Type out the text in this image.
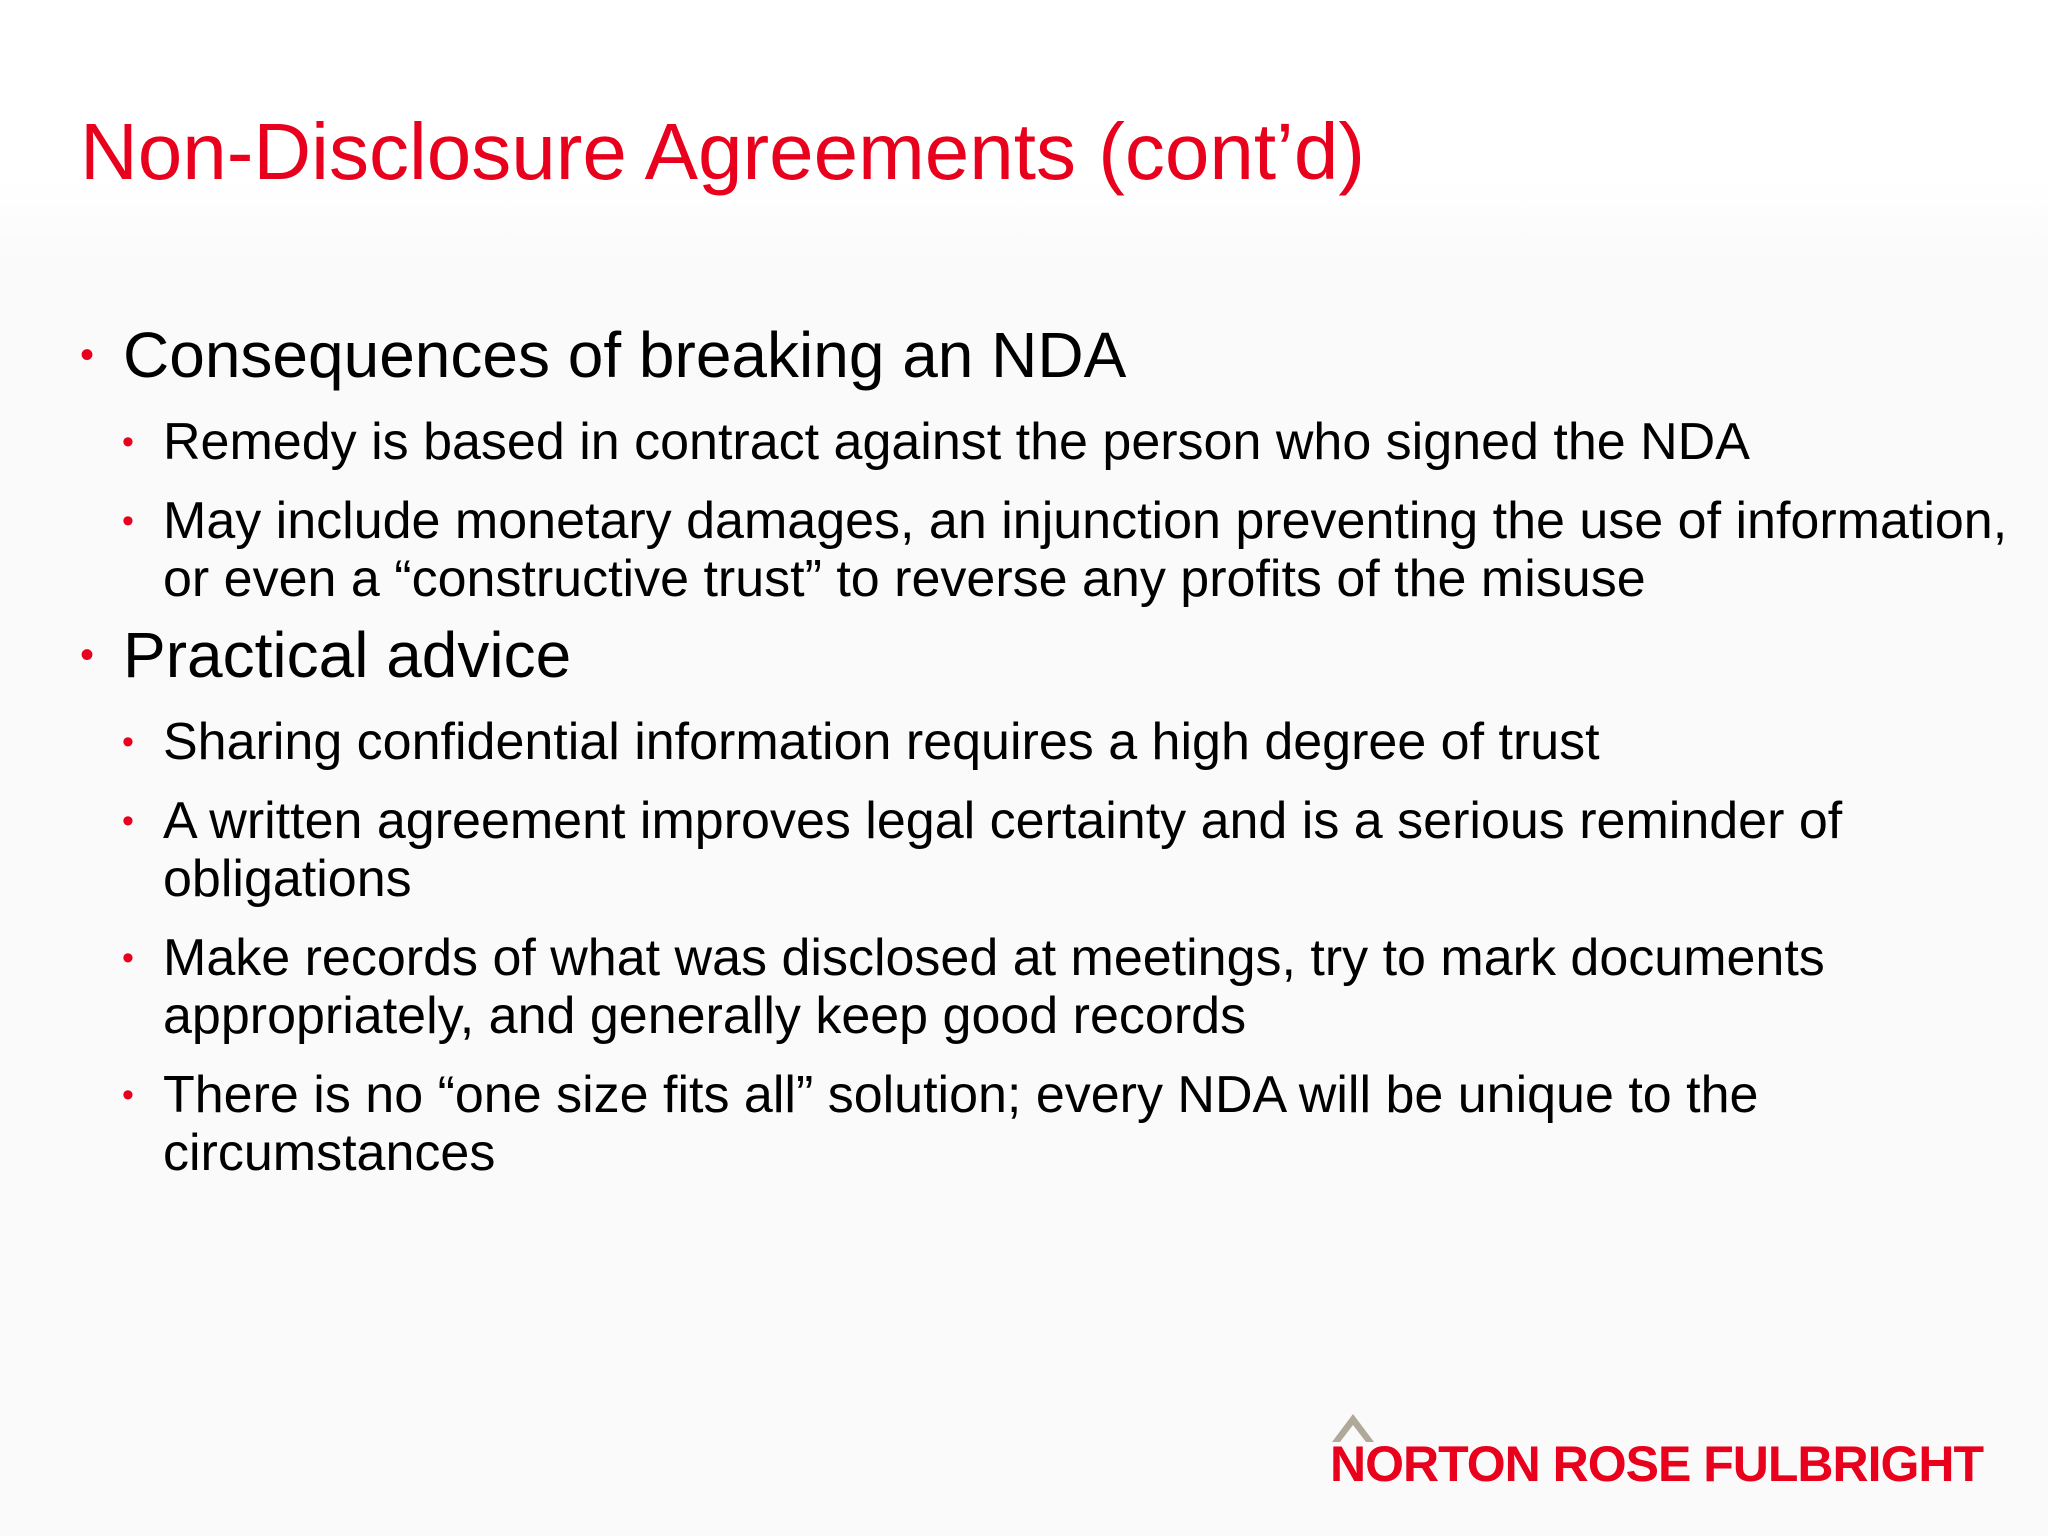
Non-Disclosure Agreements (cont’d)
• Consequences of breaking an NDA
• Remedy is based in contract against the person who signed the NDA
• May include monetary damages, an injunction preventing the use of information, or even a “constructive trust” to reverse any profits of the misuse
• Practical advice
• Sharing confidential information requires a high degree of trust
• A written agreement improves legal certainty and is a serious reminder of obligations
• Make records of what was disclosed at meetings, try to mark documents appropriately, and generally keep good records
• There is no “one size fits all” solution; every NDA will be unique to the circumstances
NORTON ROSE FULBRIGHT
